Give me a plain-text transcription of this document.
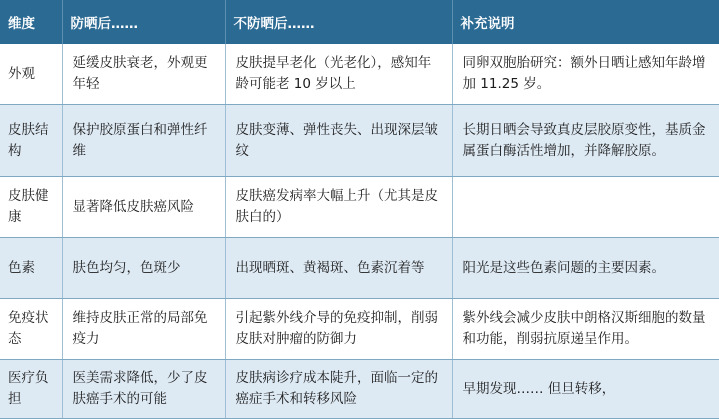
维度	防晒后……	不防晒后……	补充说明
外观	延缓皮肤衰老，外观更年轻	皮肤提早老化（光老化），感知年龄可能老 10 岁以上	同卵双胞胎研究：额外日晒让感知年龄增加 11.25 岁。
皮肤结构	保护胶原蛋白和弹性纤维	皮肤变薄、弹性丧失、出现深层皱纹	长期日晒会导致真皮层胶原变性，基质金属蛋白酶活性增加，并降解胶原。
皮肤健康	显著降低皮肤癌风险	皮肤癌发病率大幅上升（尤其是皮肤白的）	
色素	肤色均匀，色斑少	出现晒斑、黄褐斑、色素沉着等	阳光是这些色素问题的主要因素。
免疫状态	维持皮肤正常的局部免疫力	引起紫外线介导的免疫抑制，削弱皮肤对肿瘤的防御力	紫外线会减少皮肤中朗格汉斯细胞的数量和功能，削弱抗原递呈作用。
医疗负担	医美需求降低，少了皮肤癌手术的可能	皮肤病诊疗成本陡升，面临一定的癌症手术和转移风险	早期发现…… 但旦转移，
